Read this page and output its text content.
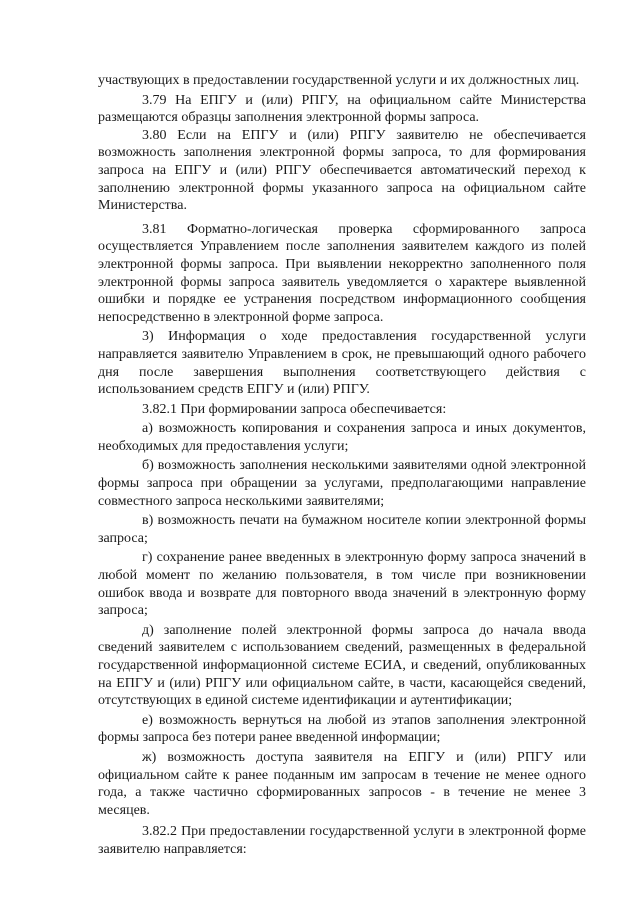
участвующих в предоставлении государственной услуги и их должностных лиц.

3.79 На ЕПГУ и (или) РПГУ, на официальном сайте Министерства размещаются образцы заполнения электронной формы запроса.

3.80 Если на ЕПГУ и (или) РПГУ заявителю не обеспечивается возможность заполнения электронной формы запроса, то для формирования запроса на ЕПГУ и (или) РПГУ обеспечивается автоматический переход к заполнению электронной формы указанного запроса на официальном сайте Министерства.

3.81 Форматно-логическая проверка сформированного запроса осуществляется Управлением после заполнения заявителем каждого из полей электронной формы запроса. При выявлении некорректно заполненного поля электронной формы запроса заявитель уведомляется о характере выявленной ошибки и порядке ее устранения посредством информационного сообщения непосредственно в электронной форме запроса.

3) Информация о ходе предоставления государственной услуги направляется заявителю Управлением в срок, не превышающий одного рабочего дня после завершения выполнения соответствующего действия с использованием средств ЕПГУ и (или) РПГУ.

3.82.1 При формировании запроса обеспечивается:

а) возможность копирования и сохранения запроса и иных документов, необходимых для предоставления услуги;

б) возможность заполнения несколькими заявителями одной электронной формы запроса при обращении за услугами, предполагающими направление совместного запроса несколькими заявителями;

в) возможность печати на бумажном носителе копии электронной формы запроса;

г) сохранение ранее введенных в электронную форму запроса значений в любой момент по желанию пользователя, в том числе при возникновении ошибок ввода и возврате для повторного ввода значений в электронную форму запроса;

д) заполнение полей электронной формы запроса до начала ввода сведений заявителем с использованием сведений, размещенных в федеральной государственной информационной системе ЕСИА, и сведений, опубликованных на ЕПГУ и (или) РПГУ или официальном сайте, в части, касающейся сведений, отсутствующих в единой системе идентификации и аутентификации;

е) возможность вернуться на любой из этапов заполнения электронной формы запроса без потери ранее введенной информации;

ж) возможность доступа заявителя на ЕПГУ и (или) РПГУ или официальном сайте к ранее поданным им запросам в течение не менее одного года, а также частично сформированных запросов - в течение не менее 3 месяцев.

3.82.2 При предоставлении государственной услуги в электронной форме заявителю направляется:
